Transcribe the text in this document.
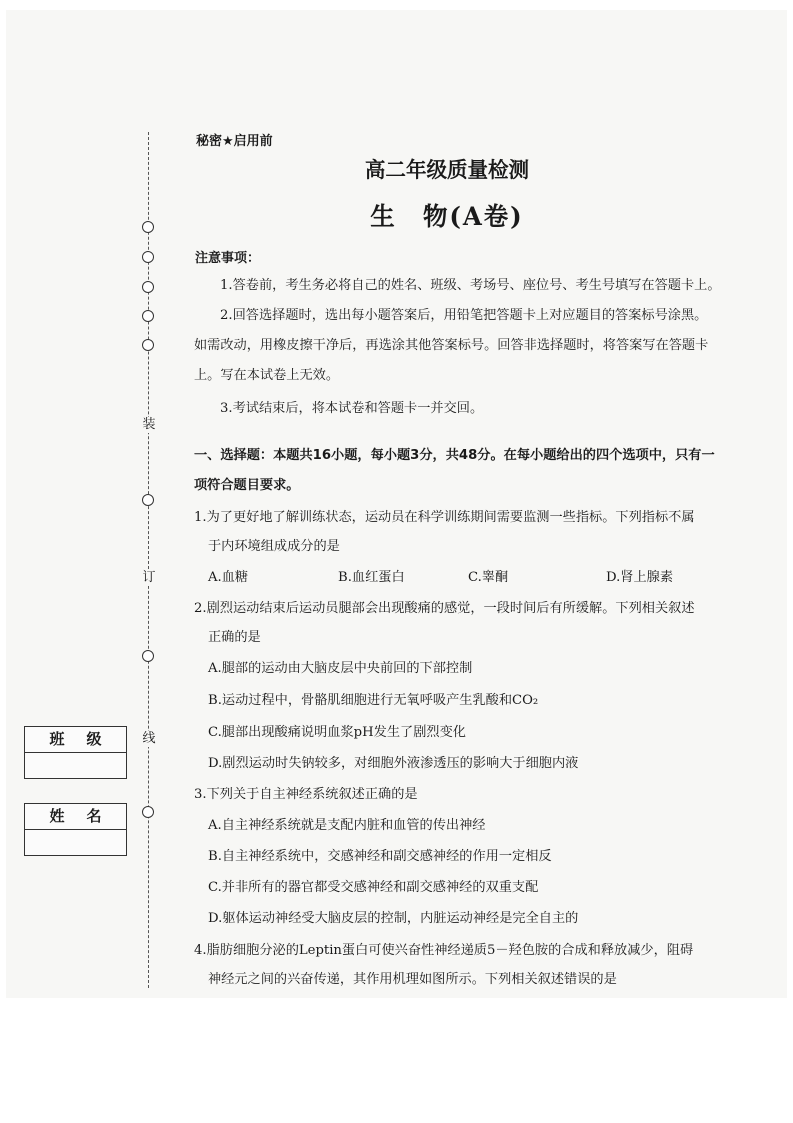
装
订
线
班级
姓名
秘密★启用前
高二年级质量检测
生　物(A卷)
注意事项：
1.答卷前，考生务必将自己的姓名、班级、考场号、座位号、考生号填写在答题卡上。
2.回答选择题时，选出每小题答案后，用铅笔把答题卡上对应题目的答案标号涂黑。
如需改动，用橡皮擦干净后，再选涂其他答案标号。回答非选择题时，将答案写在答题卡
上。写在本试卷上无效。
3.考试结束后，将本试卷和答题卡一并交回。
一、选择题：本题共16小题，每小题3分，共48分。在每小题给出的四个选项中，只有一
项符合题目要求。
1.为了更好地了解训练状态，运动员在科学训练期间需要监测一些指标。下列指标不属
于内环境组成成分的是
A.血糖	B.血红蛋白	C.睾酮	D.肾上腺素
2.剧烈运动结束后运动员腿部会出现酸痛的感觉，一段时间后有所缓解。下列相关叙述
正确的是
A.腿部的运动由大脑皮层中央前回的下部控制
B.运动过程中，骨骼肌细胞进行无氧呼吸产生乳酸和CO₂
C.腿部出现酸痛说明血浆pH发生了剧烈变化
D.剧烈运动时失钠较多，对细胞外液渗透压的影响大于细胞内液
3.下列关于自主神经系统叙述正确的是
A.自主神经系统就是支配内脏和血管的传出神经
B.自主神经系统中，交感神经和副交感神经的作用一定相反
C.并非所有的器官都受交感神经和副交感神经的双重支配
D.躯体运动神经受大脑皮层的控制，内脏运动神经是完全自主的
4.脂肪细胞分泌的Leptin蛋白可使兴奋性神经递质5－羟色胺的合成和释放减少，阻碍
神经元之间的兴奋传递，其作用机理如图所示。下列相关叙述错误的是
